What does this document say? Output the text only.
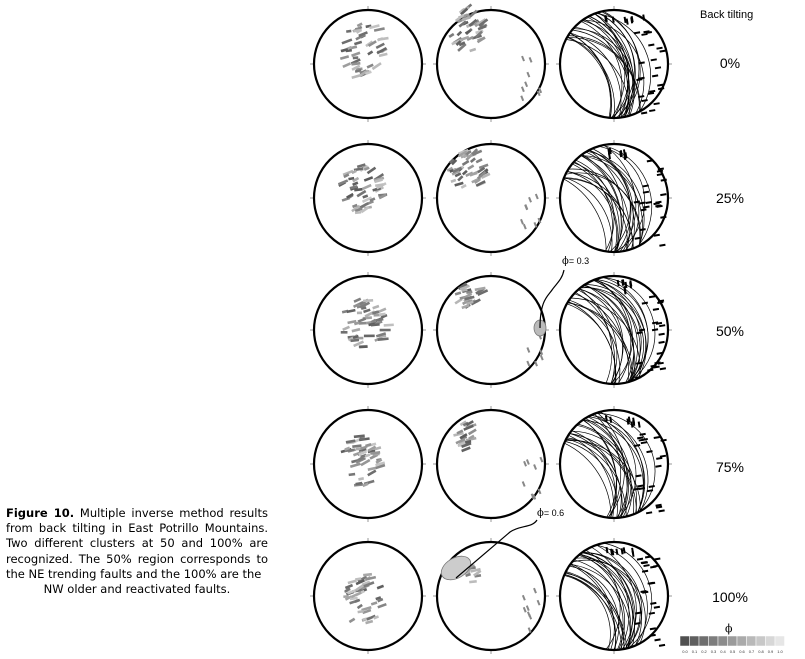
Figure 10. Multiple inverse method results from back tilting in East Potrillo Mountains. Two different clusters at 50 and 100% are recognized. The 50% region corresponds to the NE trending faults and the 100% are the
NW older and reactivated faults.
Back tilting
0%
25%
50%
75%
100%
ϕ= 0.3
ϕ= 0.6
ϕ
0.0 0.1 0.2 0.3 0.4 0.5 0.6 0.7 0.8 0.9 1.0
